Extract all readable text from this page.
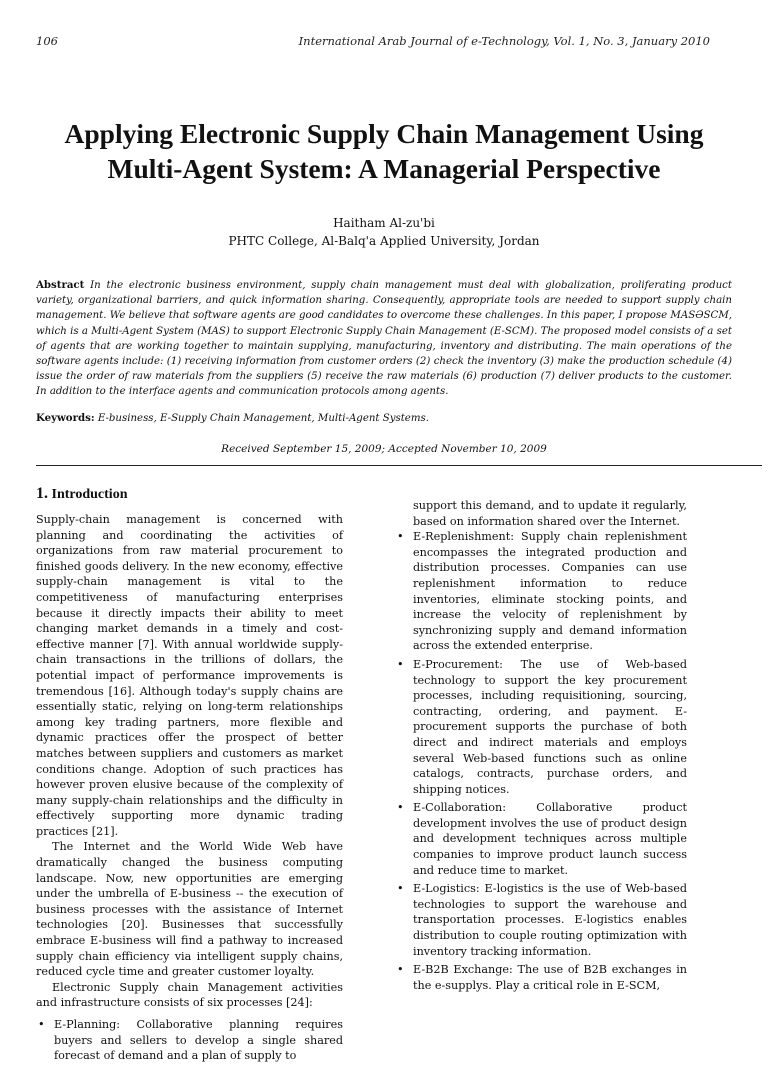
106	International Arab Journal of e-Technology, Vol. 1, No. 3, January 2010
Applying Electronic Supply Chain Management Using
Multi-Agent System: A Managerial Perspective
Haitham Al-zu'bi
PHTC College, Al-Balq'a Applied University, Jordan
Abstract In the electronic business environment, supply chain management must deal with globalization, proliferating product variety, organizational barriers, and quick information sharing. Consequently, appropriate tools are needed to support supply chain management. We believe that software agents are good candidates to overcome these challenges. In this paper, I propose MASƏSCM, which is a Multi-Agent System (MAS) to support Electronic Supply Chain Management (E-SCM). The proposed model consists of a set of agents that are working together to maintain supplying, manufacturing, inventory and distributing. The main operations of the software agents include: (1) receiving information from customer orders (2) check the inventory (3) make the production schedule (4) issue the order of raw materials from the suppliers (5) receive the raw materials (6) production (7) deliver products to the customer. In addition to the interface agents and communication protocols among agents.
Keywords: E-business, E-Supply Chain Management, Multi-Agent Systems.
Received September 15, 2009; Accepted November 10, 2009
1. Introduction

Supply-chain management is concerned with planning and coordinating the activities of organizations from raw material procurement to finished goods delivery. In the new economy, effective supply-chain management is vital to the competitiveness of manufacturing enterprises because it directly impacts their ability to meet changing market demands in a timely and cost-effective manner [7]. With annual worldwide supply-chain transactions in the trillions of dollars, the potential impact of performance improvements is tremendous [16]. Although today's supply chains are essentially static, relying on long-term relationships among key trading partners, more flexible and dynamic practices offer the prospect of better matches between suppliers and customers as market conditions change. Adoption of such practices has however proven elusive because of the complexity of many supply-chain relationships and the difficulty in effectively supporting more dynamic trading practices [21].

The Internet and the World Wide Web have dramatically changed the business computing landscape. Now, new opportunities are emerging under the umbrella of E-business -- the execution of business processes with the assistance of Internet technologies [20]. Businesses that successfully embrace E-business will find a pathway to increased supply chain efficiency via intelligent supply chains, reduced cycle time and greater customer loyalty.

Electronic Supply chain Management activities and infrastructure consists of six processes [24]:

• E-Planning: Collaborative planning requires buyers and sellers to develop a single shared forecast of demand and a plan of supply to
support this demand, and to update it regularly, based on information shared over the Internet.
• E-Replenishment: Supply chain replenishment encompasses the integrated production and distribution processes. Companies can use replenishment information to reduce inventories, eliminate stocking points, and increase the velocity of replenishment by synchronizing supply and demand information across the extended enterprise.
• E-Procurement: The use of Web-based technology to support the key procurement processes, including requisitioning, sourcing, contracting, ordering, and payment. E-procurement supports the purchase of both direct and indirect materials and employs several Web-based functions such as online catalogs, contracts, purchase orders, and shipping notices.
• E-Collaboration: Collaborative product development involves the use of product design and development techniques across multiple companies to improve product launch success and reduce time to market.
• E-Logistics: E-logistics is the use of Web-based technologies to support the warehouse and transportation processes. E-logistics enables distribution to couple routing optimization with inventory tracking information.
• E-B2B Exchange: The use of B2B exchanges in the e-supplys. Play a critical role in E-SCM,
